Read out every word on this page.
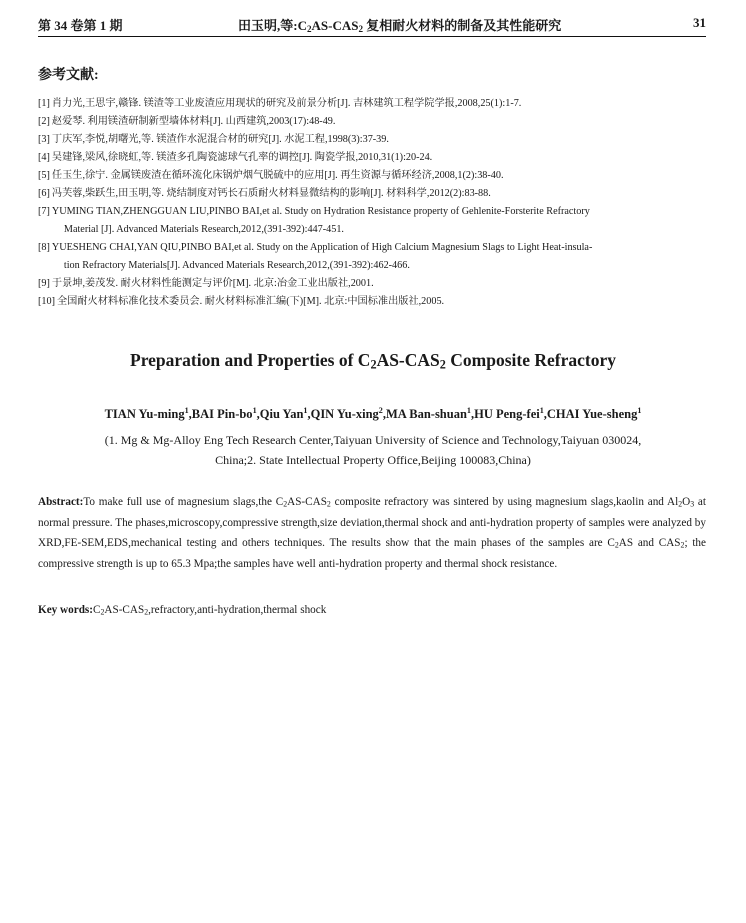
第 34 卷第 1 期	田玉明,等$:C_2AS-CAS_2$ 复相耐火材料的制备及其性能研究	31
参考文献:
[1] 肖力光,王思宇,赣锋. 镁渣等工业废渣应用现状的研究及前景分析[J]. 吉林建筑工程学院学报,2008,25(1):1-7.
[2] 赵爱琴. 利用镁渣研制新型墙体材料[J]. 山西建筑,2003(17):48-49.
[3] 丁庆军,李悦,胡曙光,等. 镁渣作水泥混合材的研究[J]. 水泥工程,1998(3):37-39.
[4] 吴建锋,梁风,徐晓虹,等. 镁渣多孔陶瓷滤球气孔率的调控[J]. 陶瓷学报,2010,31(1):20-24.
[5] 任玉生,徐宁. 金属镁废渣在循环流化床锅炉烟气脱硫中的应用[J]. 再生资源与循环经济,2008,1(2):38-40.
[6] 冯芙蓉,柴跃生,田玉明,等. 烧结制度对钙长石质耐火材料显微结构的影响[J]. 材料科学,2012(2):83-88.
[7] YUMING TIAN,ZHENGGUAN LIU,PINBO BAI,et al. Study on Hydration Resistance property of Gehlenite-Forsterite Refractory
Material [J]. Advanced Materials Research,2012,(391-392):447-451.
[8] YUESHENG CHAI,YAN QIU,PINBO BAI,et al. Study on the Application of High Calcium Magnesium Slags to Light Heat-insula-
tion Refractory Materials[J]. Advanced Materials Research,2012,(391-392):462-466.
[9] 于景坤,姜茂发. 耐火材料性能测定与评价[M]. 北京:冶金工业出版社,2001.
[10] 全国耐火材料标准化技术委员会. 耐火材料标准汇编(下)[M]. 北京:中国标准出版社,2005.
Preparation and Properties of $C_2AS-CAS_2$ Composite Refractory
TIAN Yu-ming$^1$,BAI Pin-$bo^1,Qiu$ Yan$^1$,QIN Yu-xing$^2$,MA Ban-shuan$^1$,HU Peng-fei$^1$,CHAI Yue-sheng$^1$
(1. Mg & Mg-Alloy Eng Tech Research Center,Taiyuan University of Science and Technology,Taiyuan 030024,
China;2. State Intellectual Property Office,Beijing 100083,China)
Abstract:To make full use of magnesium slags,the $C_2AS-CAS_2$ composite refractory was sintered by using magnesium slags,kaolin and $Al_2O_3$ at normal pressure. The phases,microscopy,compressive strength,size deviation,thermal shock and anti-hydration property of samples were analyzed by XRD,FE-SEM,EDS,mechanical testing and others techniques. The results show that the main phases of the samples are $C_2AS$ and $CAS_2$; the compressive strength is up to 65.3 Mpa;the samples have well anti-hydration property and thermal shock resistance.
Key $words:C_2AS-CAS_2,refractory,anti-hydration,thermal$ shock
